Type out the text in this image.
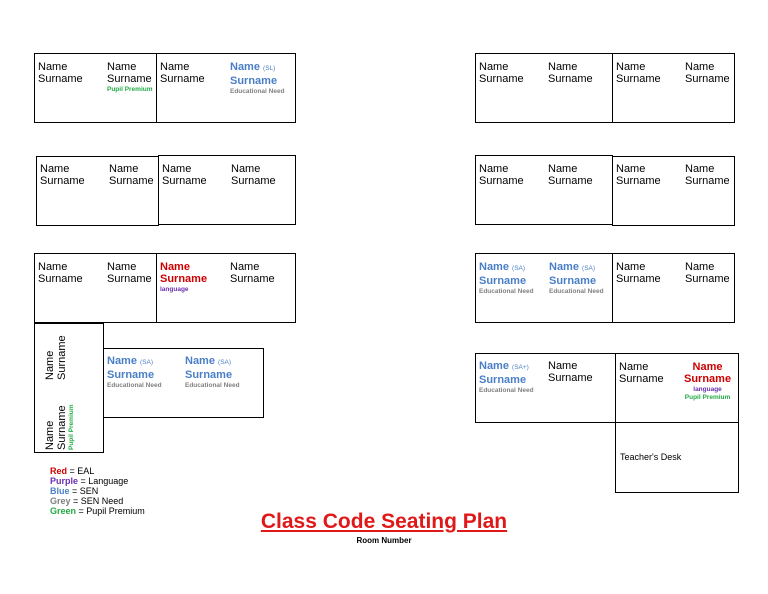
Name
Surname
Name
Surname
Pupil Premium
Name
Surname
Name (SL)
Surname
Educational Need
Name
Surname
Name
Surname
Name
Surname
Name
Surname
Name
Surname
Name
Surname
Name
Surname
language
Name
Surname
Name Surname
Name Surname Pupil Premium
Name (SA)
Surname
Educational Need
Name (SA)
Surname
Educational Need
Name
Surname
Name
Surname
Name
Surname
Name
Surname
Name
Surname
Name
Surname
Name
Surname
Name
Surname
Name (SA)
Surname
Educational Need
Name (SA)
Surname
Educational Need
Name
Surname
Name
Surname
Name (SA+)
Surname
Educational Need
Name
Surname
Name
Surname
Name
Surname
language
Pupil Premium
Teacher's Desk
Red = EAL
Purple = Language
Blue = SEN
Grey = SEN Need
Green = Pupil Premium	Class Code Seating Plan
Room Number
